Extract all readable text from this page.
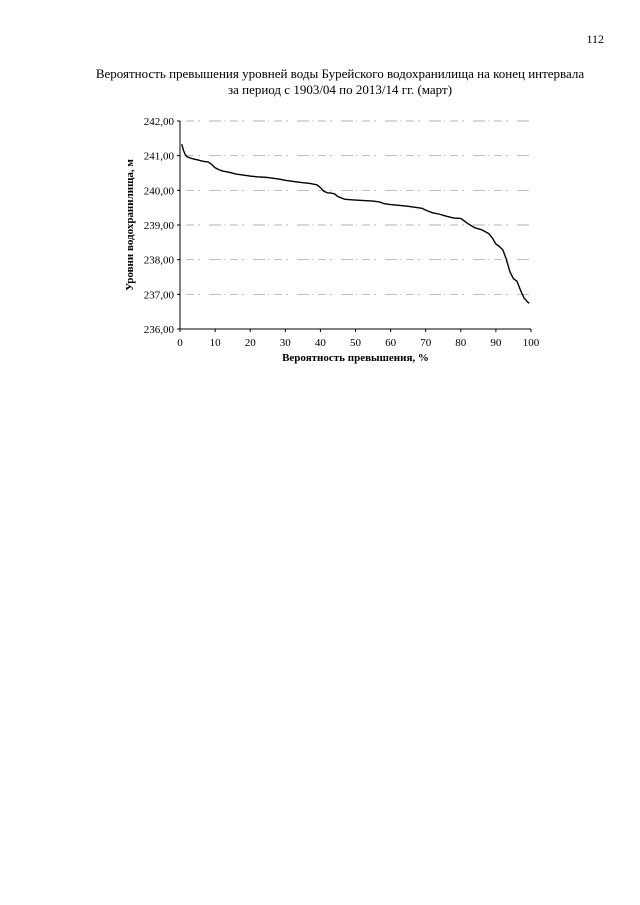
112
Вероятность превышения уровней воды Бурейского водохранилища на конец интервала
за период с 1903/04 по 2013/14 гг. (март)
242,00
241,00
240,00
239,00
238,00
237,00
236,00
0 10 20 30 40 50 60 70 80 90 100
Вероятность превышения, %
Уровни водохранилища, м
